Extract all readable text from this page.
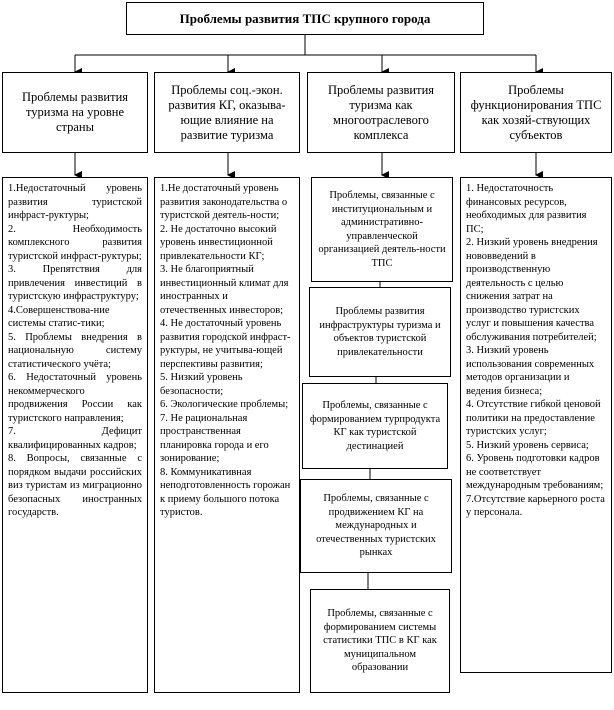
Проблемы развития ТПС крупного города
Проблемы развития туризма на уровне страны
Проблемы соц.-экон. развития КГ, оказыва-ющие влияние на развитие туризма
Проблемы развития туризма как многоотраслевого комплекса
Проблемы функционирования ТПС как хозяй-ствующих субъектов
1.Недостаточный уровень развития туристской инфраст-руктуры;
2. Необходимость комплексного развития туристской инфраст-руктуры;
3. Препятствия для привлечения инвестиций в туристскую инфраструктуру;
4.Совершенствова-ние системы статис-тики;
5. Проблемы внедрения в национальную систему статистического учёта;
6. Недостаточный уровень некоммерческого продвижения России как туристского направления;
7. Дефицит квалифицированных кадров;
8. Вопросы, связанные с порядком выдачи российских виз туристам из миграционно безопасных иностранных государств.
1.Не достаточный уровень развития законодательства о туристской деятель-ности;
2. Не достаточно высокий уровень инвестиционной привлекательности КГ;
3. Не благоприятный инвестиционный климат для иностранных и отечественных инвесторов;
4. Не достаточный уровень развития городской инфраст-руктуры, не учитыва-ющей перспективы развития;
5. Низкий уровень безопасности;
6. Экологические проблемы;
7. Не рациональная пространственная планировка города и его зонирование;
8. Коммуникативная неподготовленность горожан к приему большого потока туристов.
Проблемы, связанные с институциональным и административно-управленческой организацией деятель-ности ТПС
Проблемы развития инфраструктуры туризма и объектов туристской привлекательности
Проблемы, связанные с формированием турпродукта КГ как туристской дестинацией
Проблемы, связанные с продвижением КГ на международных и отечественных туристских рынках
Проблемы, связанные с формированием системы статистики ТПС в КГ как муниципальном образовании
1. Недостаточность финансовых ресурсов, необходимых для развития ПС;
2. Низкий уровень внедрения нововведений в производственную деятельность с целью снижения затрат на производство туристских услуг и повышения качества обслуживания потребителей;
3. Низкий уровень использования современных методов организации и ведения бизнеса;
4. Отсутствие гибкой ценовой политики на предоставление туристских услуг;
5. Низкий уровень сервиса;
6. Уровень подготовки кадров не соответствует международным требованиям;
7.Отсутствие карьерного роста у персонала.
